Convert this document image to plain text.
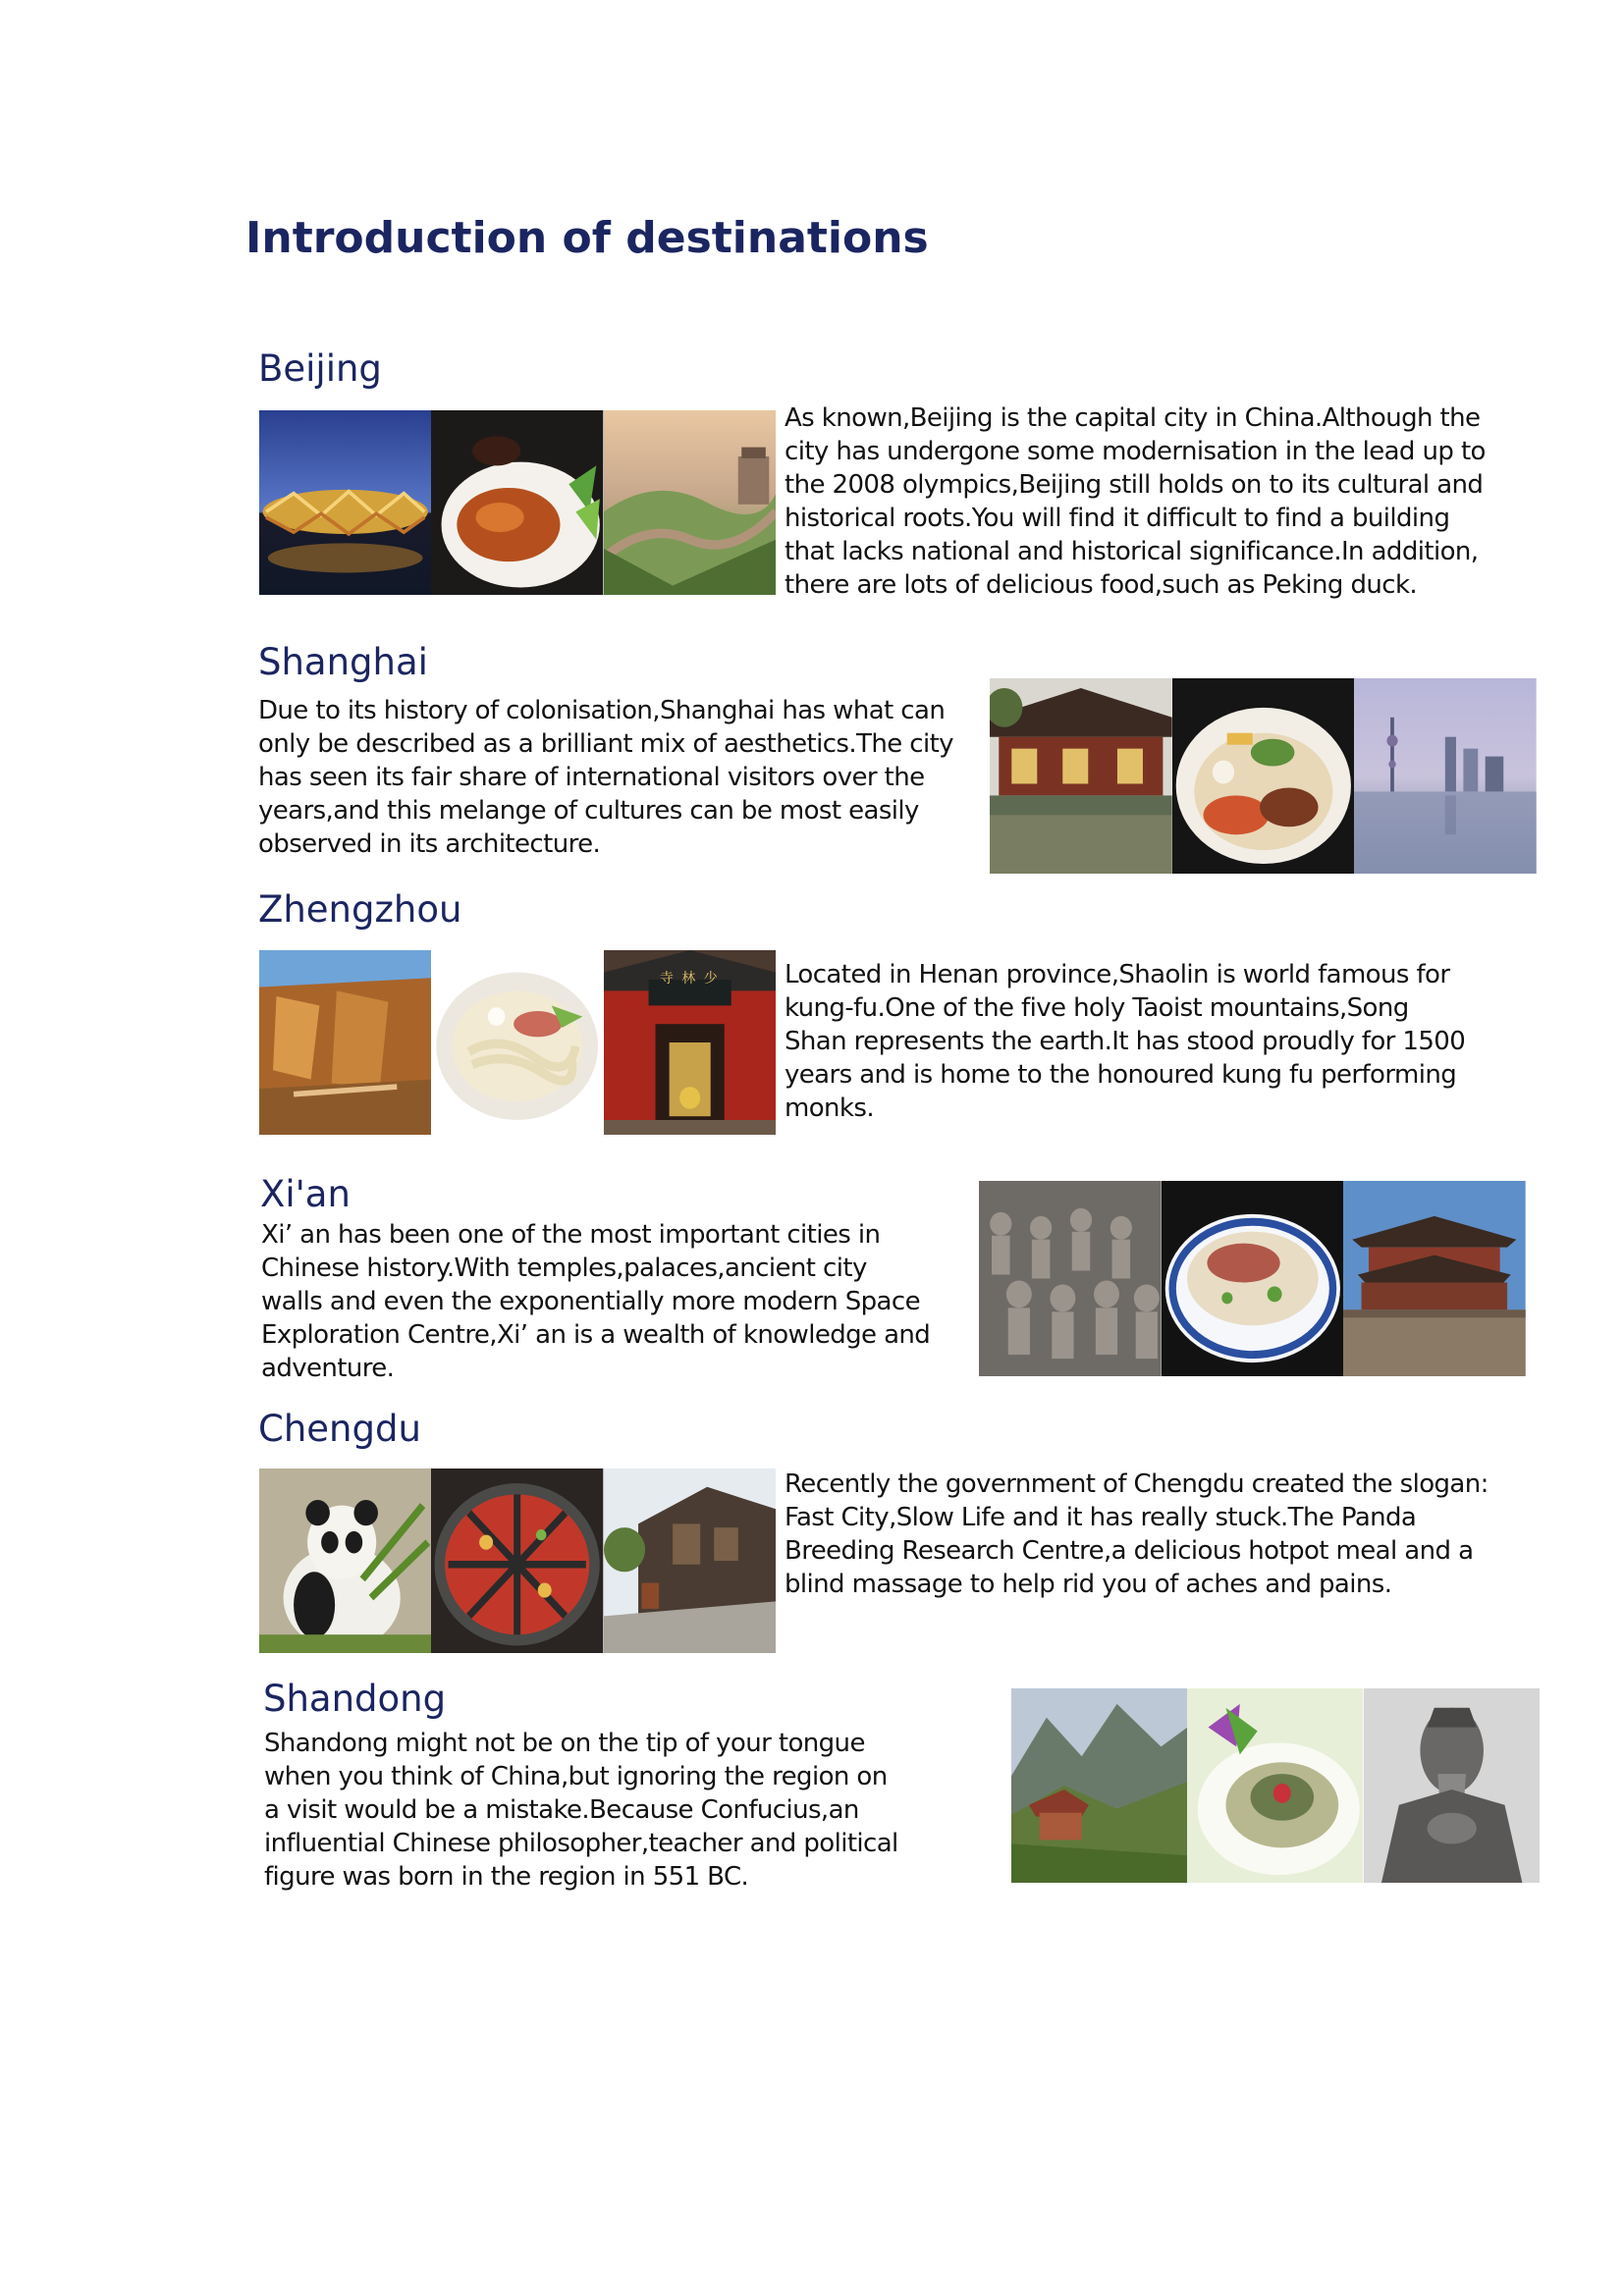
Introduction of destinations
Beijing

As known,Beijing is the capital city in China.Although the
city has undergone some modernisation in the lead up to
the 2008 olympics,Beijing still holds on to its cultural and
historical roots.You will find it difficult to find a building
that lacks national and historical significance.In addition,
there are lots of delicious food,such as Peking duck.

Shanghai

Due to its history of colonisation,Shanghai has what can
only be described as a brilliant mix of aesthetics.The city
has seen its fair share of international visitors over the
years,and this melange of cultures can be most easily
observed in its architecture.

Zhengzhou
寺 林 少	Located in Henan province,Shaolin is world famous for
kung-fu.One of the five holy Taoist mountains,Song
Shan represents the earth.It has stood proudly for 1500
years and is home to the honoured kung fu performing
monks.

Xi'an

Xi’ an has been one of the most important cities in
Chinese history.With temples,palaces,ancient city
walls and even the exponentially more modern Space
Exploration Centre,Xi’ an is a wealth of knowledge and
adventure.

Chengdu

Recently the government of Chengdu created the slogan:
Fast City,Slow Life and it has really stuck.The Panda
Breeding Research Centre,a delicious hotpot meal and a
blind massage to help rid you of aches and pains.

Shandong

Shandong might not be on the tip of your tongue
when you think of China,but ignoring the region on
a visit would be a mistake.Because Confucius,an
influential Chinese philosopher,teacher and political
figure was born in the region in 551 BC.
